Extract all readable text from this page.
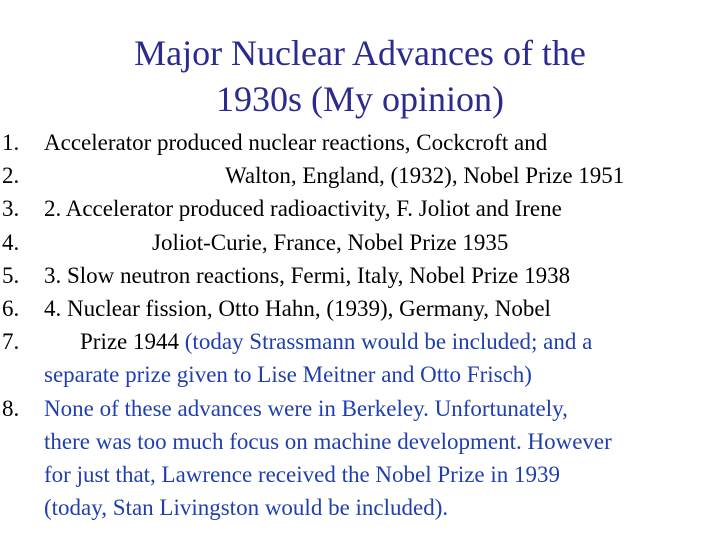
Major Nuclear Advances of the
1930s (My opinion)
1.	Accelerator produced nuclear reactions, Cockcroft and
2.	Walton, England, (1932), Nobel Prize 1951
3.	2. Accelerator produced radioactivity, F. Joliot and Irene
4.	Joliot-Curie, France, Nobel Prize 1935
5.	3. Slow neutron reactions, Fermi, Italy, Nobel Prize 1938
6.	4. Nuclear fission, Otto Hahn, (1939), Germany, Nobel
7.	Prize 1944 (today Strassmann would be included; and a
separate prize given to Lise Meitner and Otto Frisch)
8.	None of these advances were in Berkeley. Unfortunately,
there was too much focus on machine development. However
for just that, Lawrence received the Nobel Prize in 1939
(today, Stan Livingston would be included).
